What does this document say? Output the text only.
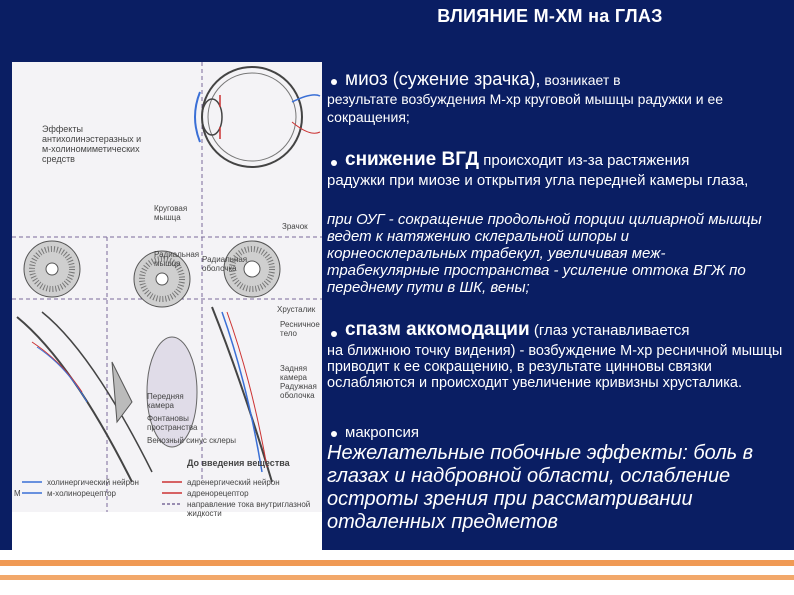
ВЛИЯНИЕ М-ХМ на ГЛАЗ
Эффекты антихолинэстеразных и м-холиномиметических средств
Круговая мышца
Зрачок
Радиальная мышца	Радиальная оболочка
Хрусталик
Ресничное тело
Задняя камера
Радужная оболочка
Передняя камера
Фонтановы пространства
Венозный синус склеры
До введения вещества
холинергический нейрон
М	м-холинорецептор
адренергический нейрон
адренорецептор
направление тока внутриглазной жидкости
миоз (сужение зрачка), возникает в
результате возбуждения М-хр круговой мышцы радужки и ее сокращения;
снижение ВГД происходит из-за растяжения
радужки при миозе и открытия угла передней камеры глаза,
при ОУГ - сокращение продольной порции цилиарной мышцы ведет к натяжению склеральной шпоры и корнеосклеральных трабекул, увеличивая меж-трабекулярные пространства - усиление оттока ВГЖ по переднему пути в ШК, вены;
спазм аккомодации (глаз устанавливается
на ближнюю точку видения) - возбуждение М-хр ресничной мышцы приводит к ее сокращению, в результате цинновы связки ослабляются и происходит увеличение кривизны хрусталика.
макропсия
Нежелательные побочные эффекты: боль в глазах и надбровной области, ослабление остроты зрения при рассматривании отдаленных предметов
